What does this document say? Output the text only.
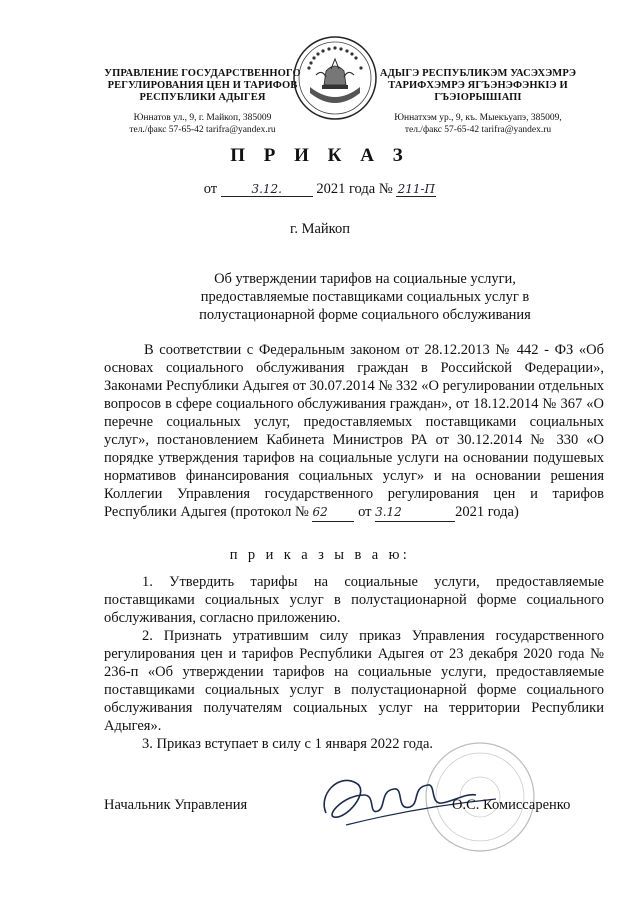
УПРАВЛЕНИЕ ГОСУДАРСТВЕННОГО
РЕГУЛИРОВАНИЯ ЦЕН И ТАРИФОВ
РЕСПУБЛИКИ АДЫГЕЯ
Юннатов ул., 9, г. Майкоп, 385009
тел./факс 57-65-42 tarifra@yandex.ru
АДЫГЭ РЕСПУБЛИКЭМ УАСЭХЭМРЭ
ТАРИФХЭМРЭ ЯГЪЭНЭФЭНКІЭ И
ГЪЭІОРЫШІАПІ
Юннатхэм ур., 9, къ. Мыекъуапэ, 385009,
тел./факс 57-65-42 tarifra@yandex.ru
П Р И К А З
от	3.12. 2021 года № 211-П
г. Майкоп
Об утверждении тарифов на социальные услуги,
предоставляемые поставщиками социальных услуг в
полустационарной форме социального обслуживания
В соответствии с Федеральным законом от 28.12.2013 № 442 - ФЗ «Об основах социального обслуживания граждан в Российской Федерации», Законами Республики Адыгея от 30.07.2014 № 332 «О регулировании отдельных вопросов в сфере социального обслуживания граждан», от 18.12.2014 № 367 «О перечне социальных услуг, предоставляемых поставщиками социальных услуг», постановлением Кабинета Министров РА от 30.12.2014 № 330 «О порядке утверждения тарифов на социальные услуги на основании подушевых нормативов финансирования социальных услуг» и на основании решения Коллегии Управления государственного регулирования цен и тарифов Республики Адыгея (протокол № 62 от 3.12	2021 года)
п р и к а з ы в а ю:

1. Утвердить тарифы на социальные услуги, предоставляемые поставщиками социальных услуг в полустационарной форме социального обслуживания, согласно приложению.

2. Признать утратившим силу приказ Управления государственного регулирования цен и тарифов Республики Адыгея от 23 декабря 2020 года № 236-п «Об утверждении тарифов на социальные услуги, предоставляемые поставщиками социальных услуг в полустационарной форме социального обслуживания получателям социальных услуг на территории Республики Адыгея».

3. Приказ вступает в силу с 1 января 2022 года.

Начальник Управления	О.С. Комиссаренко
